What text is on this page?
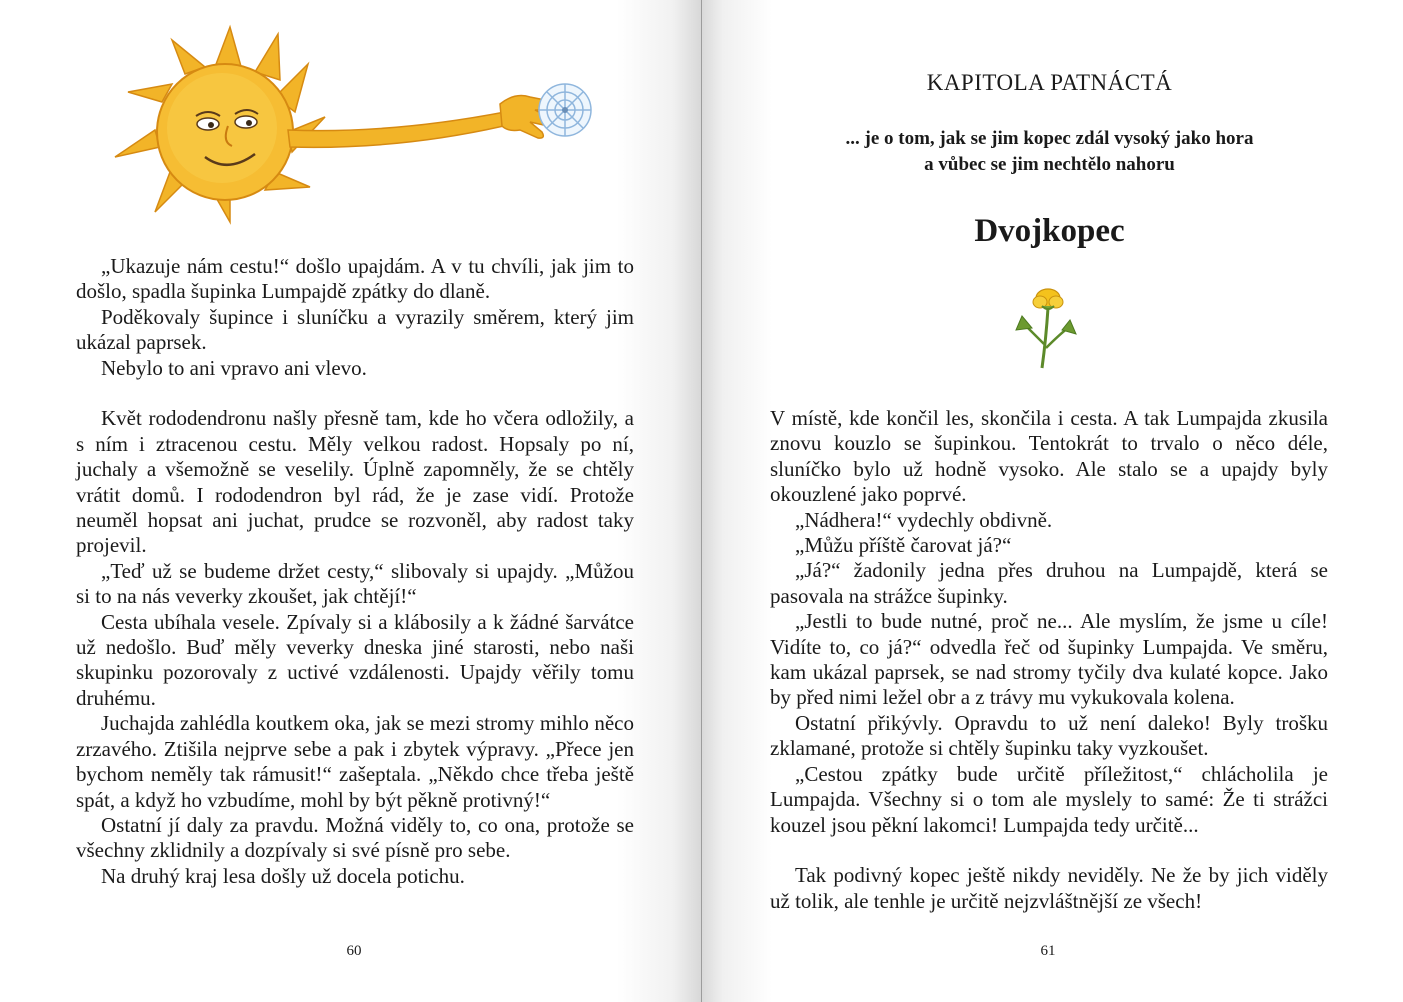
„Ukazuje nám cestu!“ došlo upajdám. A v tu chvíli, jak jim to došlo, spadla šupinka Lumpajdě zpátky do dlaně.

Poděkovaly šupince i sluníčku a vyrazily směrem, který jim ukázal paprsek.

Nebylo to ani vpravo ani vlevo.

Květ rododendronu našly přesně tam, kde ho včera odložily, a s ním i ztracenou cestu. Měly velkou radost. Hopsaly po ní, juchaly a všemožně se veselily. Úplně zapomněly, že se chtěly vrátit domů. I rododendron byl rád, že je zase vidí. Protože neuměl hopsat ani juchat, prudce se rozvoněl, aby radost taky projevil.

„Teď už se budeme držet cesty,“ slibovaly si upajdy. „Můžou si to na nás veverky zkoušet, jak chtějí!“

Cesta ubíhala vesele. Zpívaly si a klábosily a k žádné šarvátce už nedošlo. Buď měly veverky dneska jiné starosti, nebo naši skupinku pozorovaly z uctivé vzdálenosti. Upajdy věřily tomu druhému.

Juchajda zahlédla koutkem oka, jak se mezi stromy mihlo něco zrzavého. Ztišila nejprve sebe a pak i zbytek výpravy. „Přece jen bychom neměly tak rámusit!“ zašeptala. „Někdo chce třeba ještě spát, a když ho vzbudíme, mohl by být pěkně protivný!“

Ostatní jí daly za pravdu. Možná viděly to, co ona, protože se všechny zklidnily a dozpívaly si své písně pro sebe.

Na druhý kraj lesa došly už docela potichu.

60
KAPITOLA PATNÁCTÁ
... je o tom, jak se jim kopec zdál vysoký jako hora
a vůbec se jim nechtělo nahoru
Dvojkopec

V místě, kde končil les, skončila i cesta. A tak Lumpajda zkusila znovu kouzlo se šupinkou. Tentokrát to trvalo o něco déle, sluníčko bylo už hodně vysoko. Ale stalo se a upajdy byly okouzlené jako poprvé.

„Nádhera!“ vydechly obdivně.

„Můžu příště čarovat já?“

„Já?“ žadonily jedna přes druhou na Lumpajdě, která se pasovala na strážce šupinky.

„Jestli to bude nutné, proč ne... Ale myslím, že jsme u cíle! Vidíte to, co já?“ odvedla řeč od šupinky Lumpajda. Ve směru, kam ukázal paprsek, se nad stromy tyčily dva kulaté kopce. Jako by před nimi ležel obr a z trávy mu vykukovala kolena.

Ostatní přikývly. Opravdu to už není daleko! Byly trošku zklamané, protože si chtěly šupinku taky vyzkoušet.

„Cestou zpátky bude určitě příležitost,“ chlácholila je Lumpajda. Všechny si o tom ale myslely to samé: Že ti strážci kouzel jsou pěkní lakomci! Lumpajda tedy určitě...

Tak podivný kopec ještě nikdy neviděly. Ne že by jich viděly už tolik, ale tenhle je určitě nejzvláštnější ze všech!

61
